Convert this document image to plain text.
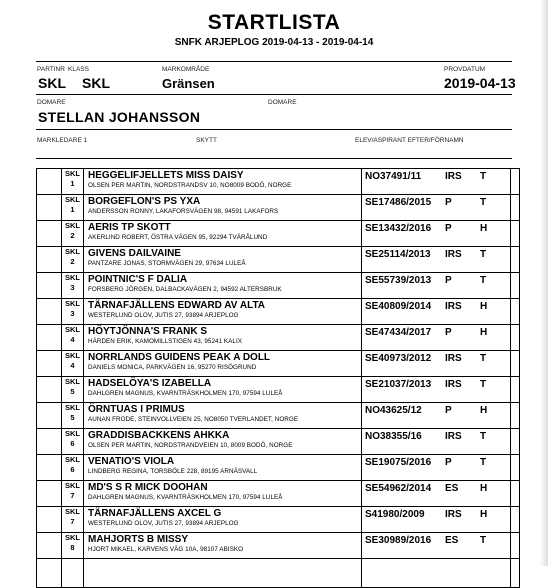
STARTLISTA
SNFK ARJEPLOG 2019-04-13 - 2019-04-14
PARTINR KLASS	MARKOMRÅDE	PROVDATUM
SKL SKL	Gränsen	2019-04-13
DOMARE	DOMARE
STELLAN JOHANSSON
MARKLEDARE 1	SKYTT	ELEV/ASPIRANT EFTER/FÖRNAMN
	SKL
1	HEGGELIFJELLETS MISS DAISY
OLSEN PER MARTIN, NORDSTRANDSV 10, NO8009 BODÖ, NORGE	NO37491/11 IRS T	
	SKL
1	BORGEFLON'S PS YXA
ANDERSSON RONNY, LAKAFORSVÄGEN 98, 94591 LAKAFORS	SE17486/2015 P T	
	SKL
2	AERIS TP SKOTT
AKERLIND ROBERT, ÖSTRA VÄGEN 95, 92294 TVÄRÅLUND	SE13432/2016 P H	
	SKL
2	GIVENS DAILVAINE
PANTZARE JONAS, STORMVÄGEN 29, 97634 LULEÅ	SE25114/2013 IRS T	
	SKL
3	POINTNIC'S F DALIA
FORSBERG JÖRGEN, DALBACKAVÄGEN 2, 94592 ALTERSBRUK	SE55739/2013 P T	
	SKL
3	TÄRNAFJÄLLENS EDWARD AV ALTA
WESTERLUND OLOV, JUTIS 27, 93894 ARJEPLOG	SE40809/2014 IRS H	
	SKL
4	HÖYTJÖNNA'S FRANK S
HÄRDEN ERIK, KAMOMILLSTIGEN 43, 95241 KALIX	SE47434/2017 P H	
	SKL
4	NORRLANDS GUIDENS PEAK A DOLL
DANIELS MONICA, PARKVÄGEN 16, 95270 RISÖGRUND	SE40973/2012 IRS T	
	SKL
5	HADSELÖYA'S IZABELLA
DAHLGREN MAGNUS, KVARNTRÄSKHOLMEN 170, 97594 LULEÅ	SE21037/2013 IRS T	
	SKL
5	ÖRNTUAS I PRIMUS
AUNAN FRODE, STEINVOLLVEIEN 25, NO8050 TVERLANDET, NORGE	NO43625/12 P H	
	SKL
6	GRADDISBACKKENS AHKKA
OLSEN PER MARTIN, NORDSTRANDVEIEN 10, 8009 BODÖ, NORGE	NO38355/16 IRS T	
	SKL
6	VENATIO'S VIOLA
LINDBERG REGINA, TORSBÖLE 228, 89195 ARNÄSVALL	SE19075/2016 P T	
	SKL
7	MD'S S R MICK DOOHAN
DAHLGREN MAGNUS, KVARNTRÄSKHOLMEN 170, 97594 LULEÅ	SE54962/2014 ES H	
	SKL
7	TÄRNAFJÄLLENS AXCEL G
WESTERLUND OLOV, JUTIS 27, 93894 ARJEPLOG	S41980/2009 IRS H	
	SKL
8	MAHJORTS B MISSY
HJORT MIKAEL, KARVENS VÄG 10A, 98107 ABISKO	SE30989/2016 ES T	
